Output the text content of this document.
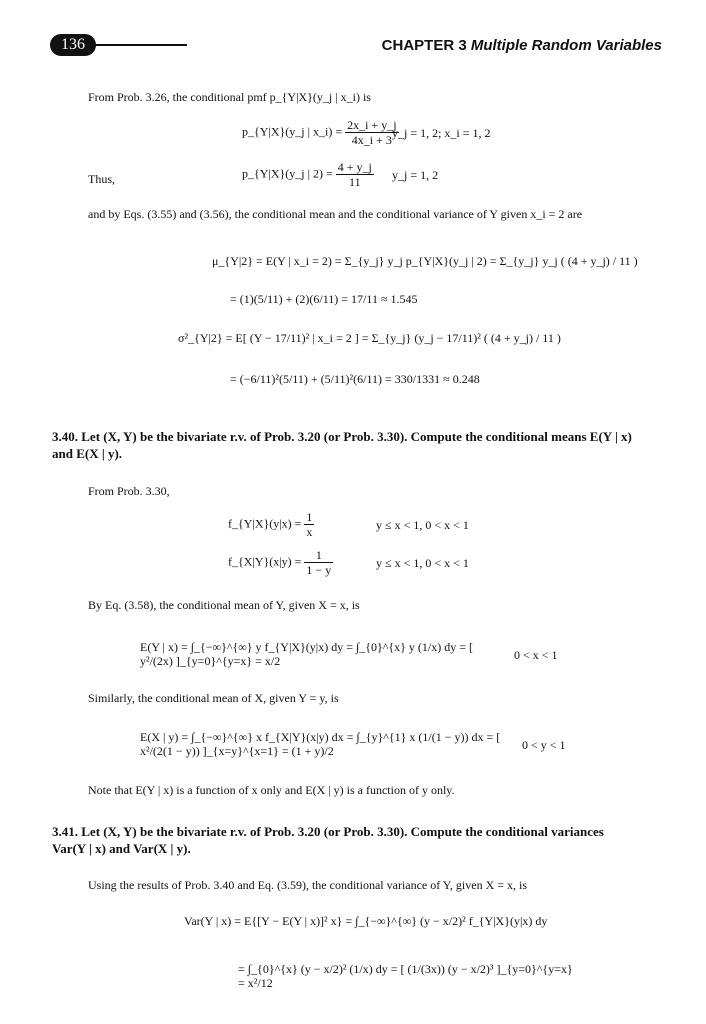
136	CHAPTER 3 Multiple Random Variables
From Prob. 3.26, the conditional pmf p_{Y|X}(y_j | x_i) is
p_{Y|X}(y_j | x_i) = $\frac{2x\_i + y\_j}{4x\_i + 3}$
y_j = 1, 2; x_i = 1, 2
Thus,	p_{Y|X}(y_j | $2) = \frac{4 + y\_j}{11}$ y_j = 1, 2
and by Eqs. (3.55) and (3.56), the conditional mean and the conditional variance of Y given x_i = 2 are
μ_{Y|2} = E(Y | x_i = 2) = Σ_{y_j} y_j p_{Y|X}(y_j | 2) = Σ_{y_j} y_j ( (4 + y_j) / 11 )
= (1)(5/11) + (2)(6/11) = 17/11 ≈ 1.545
σ²_{Y|2} = E[ (Y − 17/11)² | x_i = 2 ] = Σ_{y_j} (y_j − 17/11)² ( (4 + y_j) / 11 )
= (−6/11)²(5/11) + (5/11)²(6/11) = 330/1331 ≈ 0.248
3.40. Let (X, Y) be the bivariate r.v. of Prob. 3.20 (or Prob. 3.30). Compute the conditional means E(Y | x) and E(X | y).
From Prob. 3.30,
f_{Y|X}(y|x) = $\frac{1}{x}$	y ≤ x < 1, 0 < x < 1
f_{X|Y}(x|y) = $\frac{1}{1 - y}$	y ≤ x < 1, 0 < x < 1
By Eq. (3.58), the conditional mean of Y, given X = x, is
E(Y | x) = ∫_{−∞}^{∞} y f_{Y|X}(y|x) dy = ∫_{0}^{x} y (1/x) dy = [ y²/(2x) ]_{y=0}^{y=x} = x/2	0 < x < 1
Similarly, the conditional mean of X, given Y = y, is
E(X | y) = ∫_{−∞}^{∞} x f_{X|Y}(x|y) dx = ∫_{y}^{1} x (1/(1 − y)) dx = [ x²/(2(1 − y)) ]_{x=y}^{x=1} = (1 + y)/2	0 < y < 1
Note that E(Y | x) is a function of x only and E(X | y) is a function of y only.
3.41. Let (X, Y) be the bivariate r.v. of Prob. 3.20 (or Prob. 3.30). Compute the conditional variances Var(Y | x) and Var(X | y).
Using the results of Prob. 3.40 and Eq. (3.59), the conditional variance of Y, given X = x, is
Var(Y | x) = E{[Y − E(Y | x)]² x} = ∫_{−∞}^{∞} (y − x/2)² f_{Y|X}(y|x) dy
= ∫_{0}^{x} (y − x/2)² (1/x) dy = [ (1/(3x)) (y − x/2)³ ]_{y=0}^{y=x} = x²/12
